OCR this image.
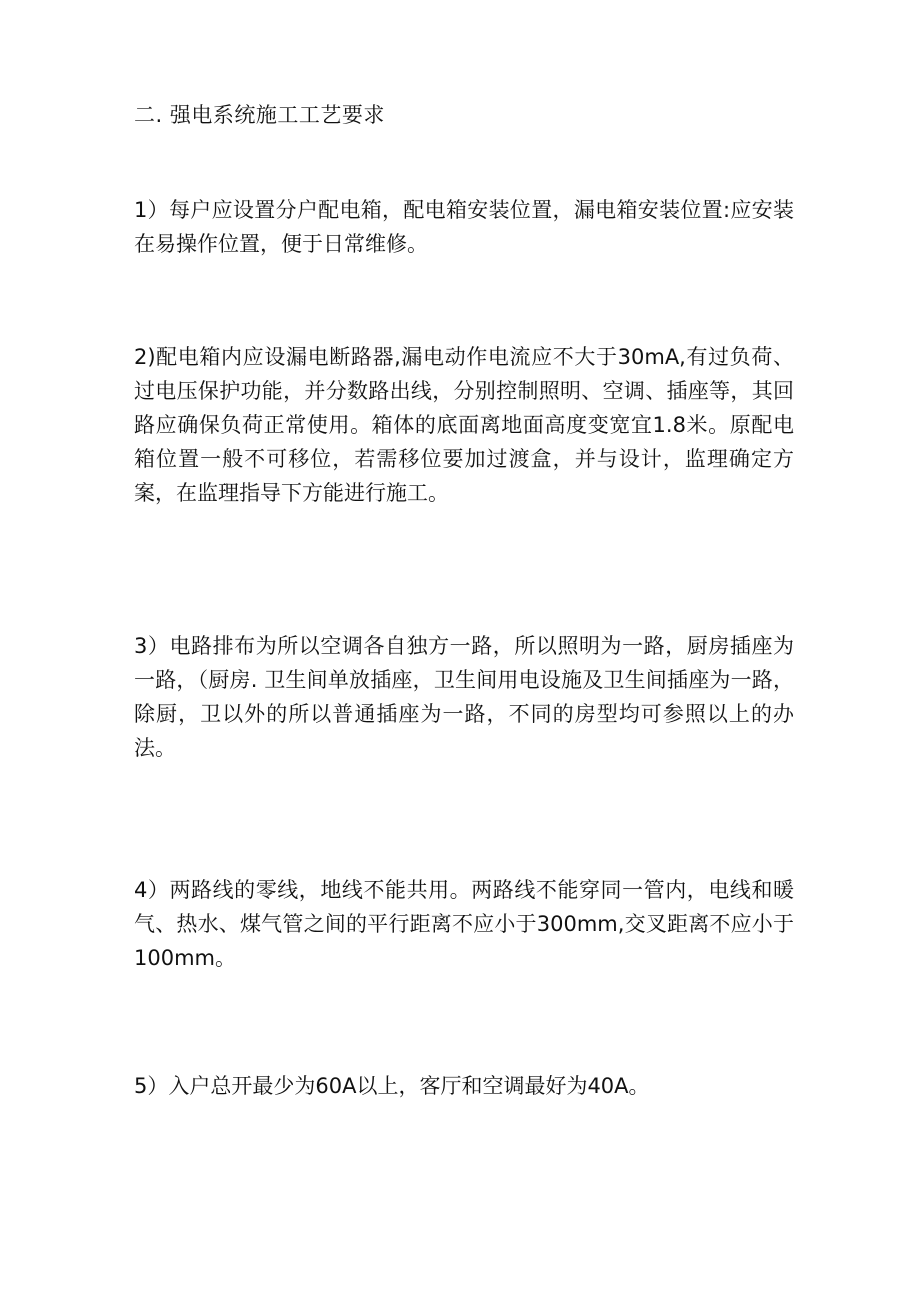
二. 强电系统施工工艺要求

1）每户应设置分户配电箱，配电箱安装位置，漏电箱安装位置:应安装在易操作位置，便于日常维修。

2)配电箱内应设漏电断路器,漏电动作电流应不大于30mA,有过负荷、过电压保护功能，并分数路出线，分别控制照明、空调、插座等，其回路应确保负荷正常使用。箱体的底面离地面高度变宽宜1.8米。原配电箱位置一般不可移位，若需移位要加过渡盒，并与设计，监理确定方案，在监理指导下方能进行施工。

3）电路排布为所以空调各自独方一路，所以照明为一路，厨房插座为一路，（厨房. 卫生间单放插座，卫生间用电设施及卫生间插座为一路，除厨，卫以外的所以普通插座为一路，不同的房型均可参照以上的办法。

4）两路线的零线，地线不能共用。两路线不能穿同一管内，电线和暖气、热水、煤气管之间的平行距离不应小于300mm,交叉距离不应小于100mm。

5）入户总开最少为60A以上，客厅和空调最好为40A。
